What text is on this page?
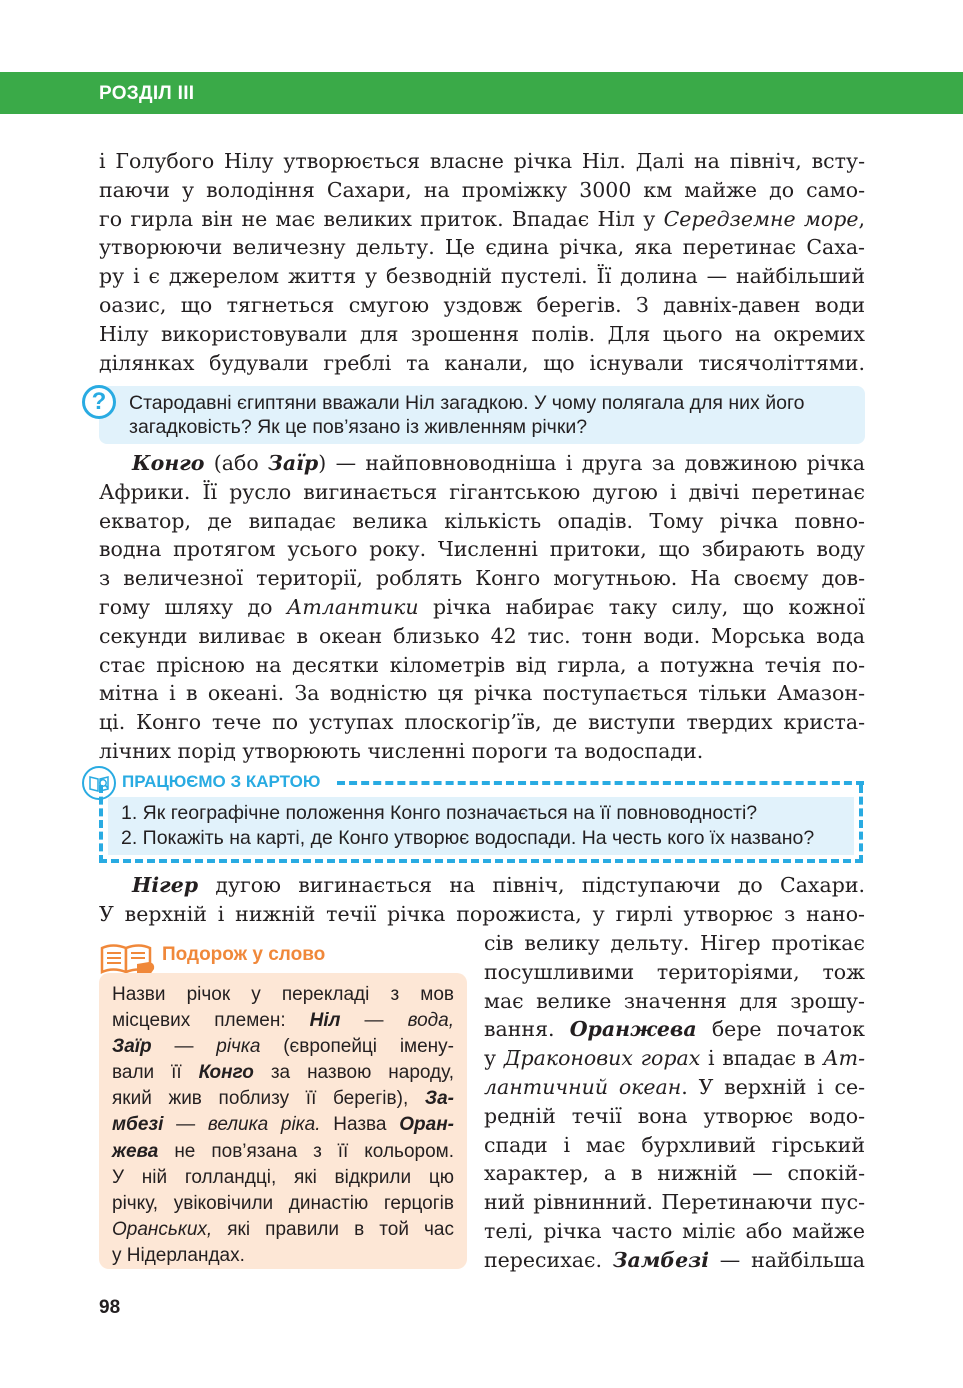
РОЗДІЛ III
і Голубого Нілу утворюється власне річка Ніл. Далі на північ, всту-
паючи у володіння Сахари, на проміжку 3000 км майже до само-
го гирла він не має великих приток. Впадає Ніл у Середземне море,
утворюючи величезну дельту. Це єдина річка, яка перетинає Саха-
ру і є джерелом життя у безводній пустелі. Її долина — найбільший
оазис, що тягнеться смугою уздовж берегів. З давніх-давен води
Нілу використовували для зрошення полів. Для цього на окремих
ділянках будували греблі та канали, що існували тисячоліттями.
?	Стародавні єгиптяни вважали Ніл загадкою. У чому полягала для них його
загадковість? Як це пов’язано із живленням річки?
Конго (або Заїр) — найповноводніша і друга за довжиною річка
Африки. Її русло вигинається гігантською дугою і двічі перетинає
екватор, де випадає велика кількість опадів. Тому річка повно-
водна протягом усього року. Численні притоки, що збирають воду
з величезної території, роблять Конго могутньою. На своєму дов-
гому шляху до Атлантики річка набирає таку силу, що кожної
секунди виливає в океан близько 42 тис. тонн води. Морська вода
стає прісною на десятки кілометрів від гирла, а потужна течія по-
мітна і в океані. За водністю ця річка поступається тільки Амазон-
ці. Конго тече по уступах плоскогір’їв, де виступи твердих криста-
лічних порід утворюють численні пороги та водоспади.
ПРАЦЮЄМО З КАРТОЮ
1. Як географічне положення Конго позначається на її повноводності?
2. Покажіть на карті, де Конго утворює водоспади. На честь кого їх названо?
Нігер дугою вигинається на північ, підступаючи до Сахари.
У верхній і нижній течії річка порожиста, у гирлі утворює з нано-
сів велику дельту. Нігер протікає
посушливими територіями, тож
має велике значення для зрошу-
вання. Оранжева бере початок
у Драконових горах і впадає в Ат-
лантичний океан. У верхній і се-
редній течії вона утворює водо-
спади і має бурхливий гірський
характер, а в нижній — спокій-
ний рівнинний. Перетинаючи пус-
телі, річка часто міліє або майже
пересихає. Замбезі — найбільша
Подорож у слово
Назви річок у перекладі з мов
місцевих племен: Ніл — вода,
Заїр — річка (європейці імену-
вали її Конго за назвою народу,
який жив поблизу її берегів), За-
мбезі — велика ріка. Назва Оран-
жева не пов’язана з її кольором.
У ній голландці, які відкрили цю
річку, увіковічили династію герцогів
Оранських, які правили в той час
у Нідерландах.
98
